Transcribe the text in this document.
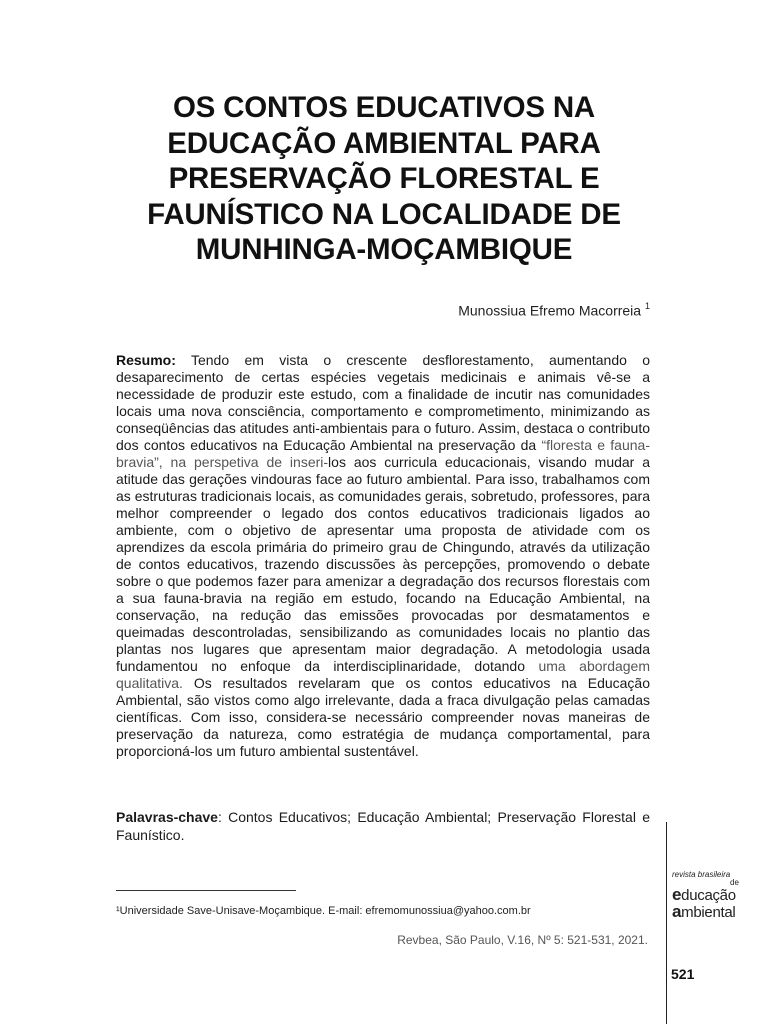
OS CONTOS EDUCATIVOS NA
EDUCAÇÃO AMBIENTAL PARA
PRESERVAÇÃO FLORESTAL E
FAUNÍSTICO NA LOCALIDADE DE
MUNHINGA-MOÇAMBIQUE
Munossiua Efremo Macorreia $^1$
Resumo: Tendo em vista o crescente desflorestamento, aumentando o desaparecimento de certas espécies vegetais medicinais e animais vê-se a necessidade de produzir este estudo, com a finalidade de incutir nas comunidades locais uma nova consciência, comportamento e comprometimento, minimizando as conseqüências das atitudes anti-ambientais para o futuro. Assim, destaca o contributo dos contos educativos na Educação Ambiental na preservação da “floresta e fauna-bravia”, na perspetiva de inseri-los aos curricula educacionais, visando mudar a atitude das gerações vindouras face ao futuro ambiental. Para isso, trabalhamos com as estruturas tradicionais locais, as comunidades gerais, sobretudo, professores, para melhor compreender o legado dos contos educativos tradicionais ligados ao ambiente, com o objetivo de apresentar uma proposta de atividade com os aprendizes da escola primária do primeiro grau de Chingundo, através da utilização de contos educativos, trazendo discussões às percepções, promovendo o debate sobre o que podemos fazer para amenizar a degradação dos recursos florestais com a sua fauna-bravia na região em estudo, focando na Educação Ambiental, na conservação, na redução das emissões provocadas por desmatamentos e queimadas descontroladas, sensibilizando as comunidades locais no plantio das plantas nos lugares que apresentam maior degradação. A metodologia usada fundamentou no enfoque da interdisciplinaridade, dotando uma abordagem qualitativa. Os resultados revelaram que os contos educativos na Educação Ambiental, são vistos como algo irrelevante, dada a fraca divulgação pelas camadas científicas. Com isso, considera-se necessário compreender novas maneiras de preservação da natureza, como estratégia de mudança comportamental, para proporcioná-los um futuro ambiental sustentável.
Palavras-chave: Contos Educativos; Educação Ambiental; Preservação Florestal e Faunístico.
¹Universidade Save-Unisave-Moçambique. E-mail: efremomunossiua@yahoo.com.br
Revbea, São Paulo, V.16, Nº 5: 521-531, 2021.
revista brasileira
de
educação
ambiental
521
